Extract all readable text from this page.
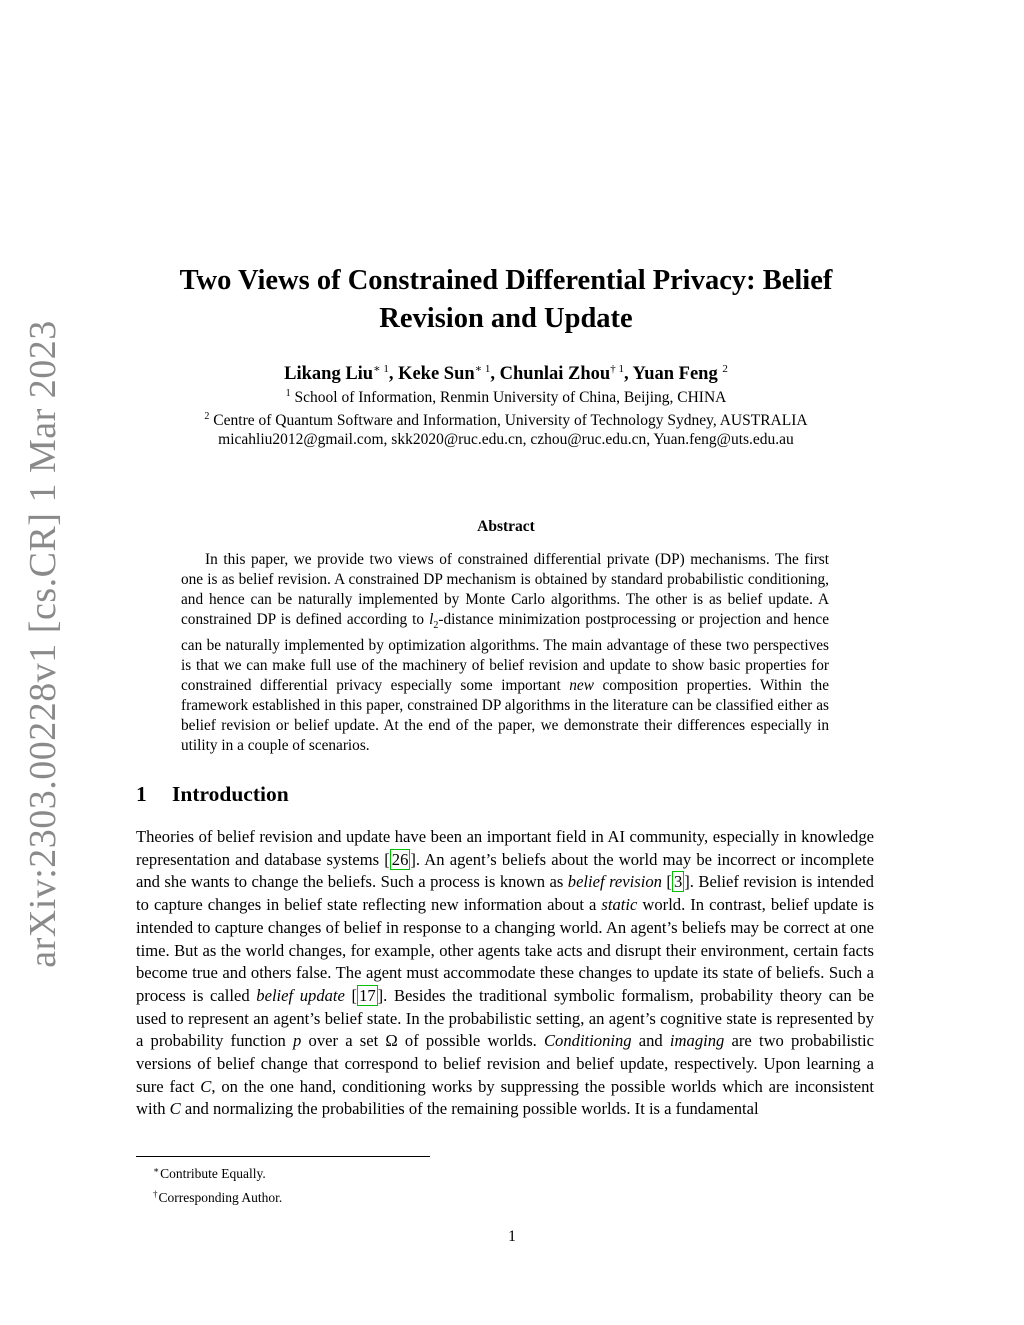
arXiv:2303.00228v1 [cs.CR] 1 Mar 2023
Two Views of Constrained Differential Privacy: Belief
Revision and Update
Likang Liu$^{∗ 1}$, Keke Sun$^{∗ 1}$, Chunlai Zhou$^{\dagger 1}$, Yuan Feng $^2$
$^1$ School of Information, Renmin University of China, Beijing, CHINA
$^2$ Centre of Quantum Software and Information, University of Technology Sydney, AUSTRALIA
micahliu2012@gmail.com, skk2020@ruc.edu.cn, czhou@ruc.edu.cn, Yuan.feng@uts.edu.au
Abstract
In this paper, we provide two views of constrained differential private (DP) mechanisms. The first one is as belief revision. A constrained DP mechanism is obtained by standard probabilistic conditioning, and hence can be naturally implemented by Monte Carlo algorithms. The other is as belief update. A constrained DP is defined according to $l_2$-distance minimization postprocessing or projection and hence can be naturally implemented by optimization algorithms. The main advantage of these two perspectives is that we can make full use of the machinery of belief revision and update to show basic properties for constrained differential privacy especially some important new composition properties. Within the framework established in this paper, constrained DP algorithms in the literature can be classified either as belief revision or belief update. At the end of the paper, we demonstrate their differences especially in utility in a couple of scenarios.
1 Introduction
Theories of belief revision and update have been an important field in AI community, especially in knowledge representation and database systems [ 26 ]. An agent’s beliefs about the world may be incorrect or incomplete and she wants to change the beliefs. Such a process is known as belief revision [ 3 ]. Belief revision is intended to capture changes in belief state reflecting new information about a static world. In contrast, belief update is intended to capture changes of belief in response to a changing world. An agent’s beliefs may be correct at one time. But as the world changes, for example, other agents take acts and disrupt their environment, certain facts become true and others false. The agent must accommodate these changes to update its state of beliefs. Such a process is called belief update [ 17 ]. Besides the traditional symbolic formalism, probability theory can be used to represent an agent’s belief state. In the probabilistic setting, an agent’s cognitive state is represented by a probability function p over a set Ω of possible worlds. Conditioning and imaging are two probabilistic versions of belief change that correspond to belief revision and belief update, respectively. Upon learning a sure fact C, on the one hand, conditioning works by suppressing the possible worlds which are inconsistent with C and normalizing the probabilities of the remaining possible worlds. It is a fundamental
∗Contribute Equally.
†Corresponding Author.
1
